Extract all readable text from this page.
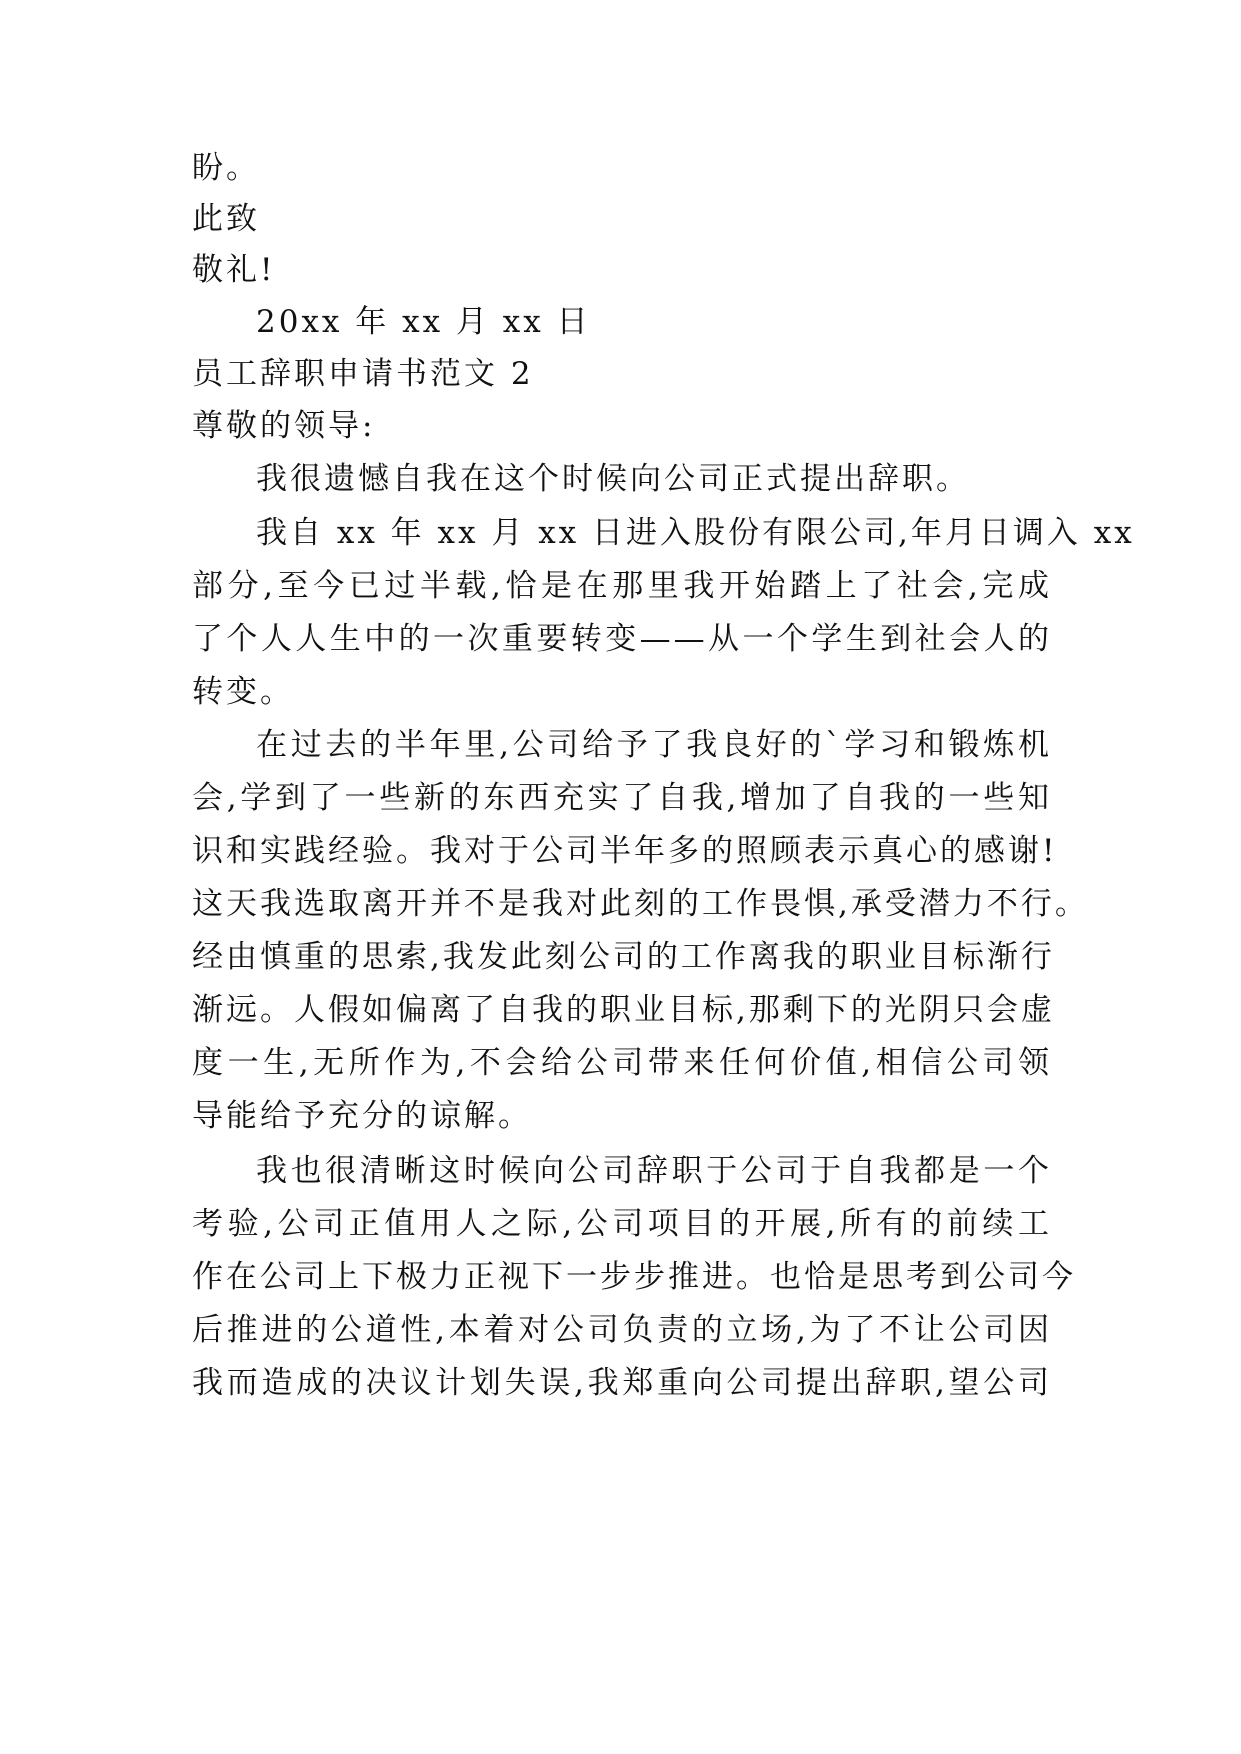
盼。

此致

敬礼!

20xx 年 xx 月 xx 日

员工辞职申请书范文 2

尊敬的领导:

我很遗憾自我在这个时候向公司正式提出辞职。

我自 xx 年 xx 月 xx 日进入股份有限公司,年月日调入 xx

部分,至今已过半载,恰是在那里我开始踏上了社会,完成

了个人人生中的一次重要转变——从一个学生到社会人的

转变。

在过去的半年里,公司给予了我良好的`学习和锻炼机

会,学到了一些新的东西充实了自我,增加了自我的一些知

识和实践经验。我对于公司半年多的照顾表示真心的感谢!

这天我选取离开并不是我对此刻的工作畏惧,承受潜力不行。

经由慎重的思索,我发此刻公司的工作离我的职业目标渐行

渐远。人假如偏离了自我的职业目标,那剩下的光阴只会虚

度一生,无所作为,不会给公司带来任何价值,相信公司领

导能给予充分的谅解。

我也很清晰这时候向公司辞职于公司于自我都是一个

考验,公司正值用人之际,公司项目的开展,所有的前续工

作在公司上下极力正视下一步步推进。也恰是思考到公司今

后推进的公道性,本着对公司负责的立场,为了不让公司因

我而造成的决议计划失误,我郑重向公司提出辞职,望公司
